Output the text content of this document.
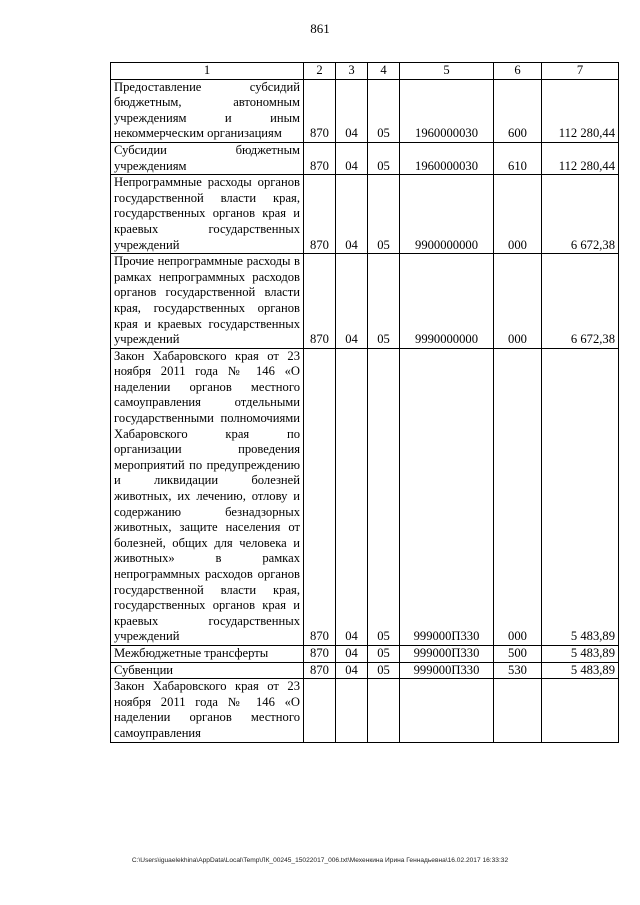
861
1	2	3	4	5	6	7
Предоставление субсидий бюджетным, автономным учреждениям и иным некоммерческим организациям	870	04	05	1960000030	600	112 280,44
Субсидии бюджетным учреждениям	870	04	05	1960000030	610	112 280,44
Непрограммные расходы органов государственной власти края, государственных органов края и краевых государственных учреждений	870	04	05	9900000000	000	6 672,38
Прочие непрограммные расходы в рамках непрограммных расходов органов государственной власти края, государственных органов края и краевых государственных учреждений	870	04	05	9990000000	000	6 672,38
Закон Хабаровского края от 23 ноября 2011 года № 146 «О наделении органов местного самоуправления отдельными государственными полномочиями Хабаровского края по организации проведения мероприятий по предупреждению и ликвидации болезней животных, их лечению, отлову и содержанию безнадзорных животных, защите населения от болезней, общих для человека и животных» в рамках непрограммных расходов органов государственной власти края, государственных органов края и краевых государственных учреждений	870	04	05	999000П330	000	5 483,89
Межбюджетные трансферты	870	04	05	999000П330	500	5 483,89
Субвенции	870	04	05	999000П330	530	5 483,89
Закон Хабаровского края от 23 ноября 2011 года № 146 «О наделении органов местного самоуправления						
C:\Users\iguaelekhina\AppData\Local\Temp\ЛК_00245_15022017_006.txt\Мехенкина Ирина Геннадьевна\16.02.2017 16:33:32
